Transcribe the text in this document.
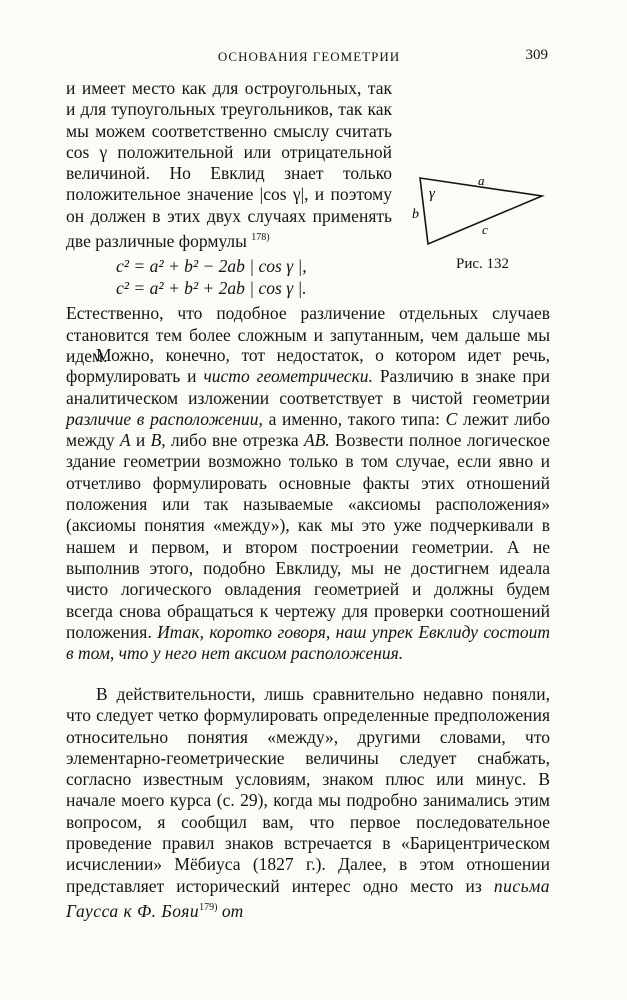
ОСНОВАНИЯ ГЕОМЕТРИИ	309
γ
a
b
c
Рис. 132

и имеет место как для остроугольных, так и для тупоугольных треугольников, так как мы можем соответственно смыслу считать cos γ положительной или отрицательной величиной. Но Евклид знает только положительное значение |cos γ|, и поэтому он должен в этих двух случаях применять две различные формулы $^{178)}$

c² = a² + b² − 2ab | cos γ |,
c² = a² + b² + 2ab | cos γ |.

Естественно, что подобное различение отдельных случаев становится тем более сложным и запутанным, чем дальше мы идем.

Можно, конечно, тот недостаток, о котором идет речь, формулировать и чисто геометрически. Различию в знаке при аналитическом изложении соответствует в чистой геометрии различие в расположении, а именно, такого типа: C лежит либо между A и B, либо вне отрезка AB. Возвести полное логическое здание геометрии возможно только в том случае, если явно и отчетливо формулировать основные факты этих отношений положения или так называемые «аксиомы расположения» (аксиомы понятия «между»), как мы это уже подчеркивали в нашем и первом, и втором построении геометрии. А не выполнив этого, подобно Евклиду, мы не достигнем идеала чисто логического овладения геометрией и должны будем всегда снова обращаться к чертежу для проверки соотношений положения. Итак, коротко говоря, наш упрек Евклиду состоит в том, что у него нет аксиом расположения.

В действительности, лишь сравнительно недавно поняли, что следует четко формулировать определенные предположения относительно понятия «между», другими словами, что элементарно-геометрические величины следует снабжать, согласно известным условиям, знаком плюс или минус. В начале моего курса (с. 29), когда мы подробно занимались этим вопросом, я сообщил вам, что первое последовательное проведение правил знаков встречается в «Барицентрическом исчислении» Мёбиуса (1827 г.). Далее, в этом отношении представляет исторический интерес одно место из письма Гаусса к Ф. Бояи$^{179)}$ от
